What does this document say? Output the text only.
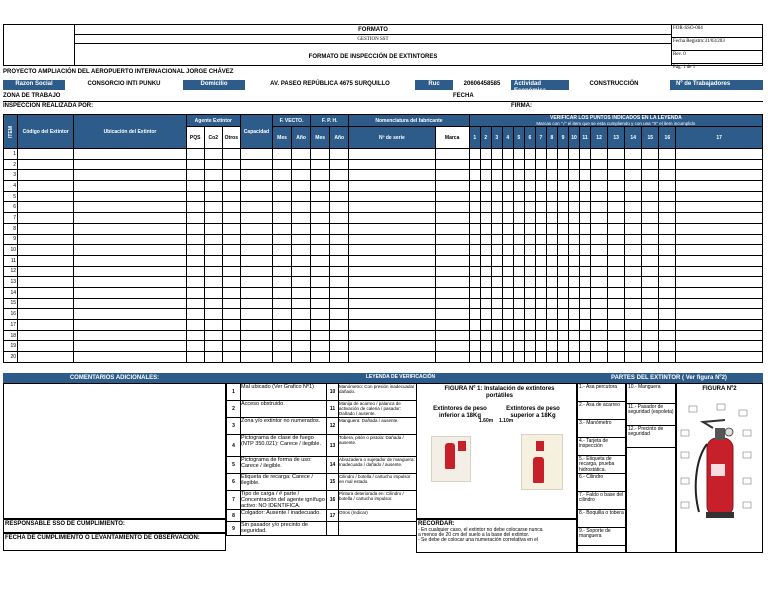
FORMATO
GESTION SST
FORMATO DE INSPECCIÓN DE EXTINTORES
FOR-SSO-004
Fecha Registro:31/03/203
Rev. 0
Pág. 1 de 1
PROYECTO AMPLIACIÓN DEL AEROPUERTO INTERNACIONAL JORGE CHÁVEZ
Razon Social	CONSORCIO INTI PUNKU	Domicilio	AV. PASEO REPÚBLICA 4675 SURQUILLO	Ruc	20606458585	Actividad Económica
CONSTRUCCIÓN	Nº de Trabajadores
ZONA DE TRABAJO	FECHA
INSPECCIÓN REALIZADA POR:	FIRMA:
ITEM	Código del Extintor	Ubicación del Extintor	Agente Extintor			Capacidad	F. VECTO.		F. P. H.		Nomenclatura del fabricante		VERIFICAR LOS PUNTOS INDICADOS EN LA LEYENDA
Marcas con "√" el item que se esta cumpliendo y con una "X" el item incumplido																

			PQS	Co2	Otros		Mes	Año	Mes	Año	Nº de serie	Marca	1	2	3	4	5	6	7	8	9	10	11	12	13	14	15	16	17

1																													
2																													
3																													
4																													
5																													
6																													
7																													
8																													
9																													
10																													
11																													
12																													
13																													
14																													
15																													
16																													
17																													
18																													
19																													
20																													
COMENTARIOS ADICIONALES:	LEYENDA DE VERIFICACIÓN	PARTES DEL EXTINTOR ( Ver figura Nº2)
RESPONSABLE SSO DE CUMPLIMIENTO:
FECHA DE CUMPLIMIENTO O LEVANTAMIENTO DE OBSERVACIÓN:
1	Mal ubicado (Ver Grafico Nº1)	10	Manómetro: Con presión inadecuada/ dañado.
2	Acceso obstruido.	11	Manija de acarreo / palanca de activación de caleria / pasador: Dañado / ausente.
3	Zona y/o extintor no numerados.	12	Manguera: Dañada / ausente.
4	Pictograma de clase de fuego (NTP 350.021): Carece / ilegible.	13	Tobera, pitón o pistola: Dañada / ausente.
5	Pictograma de forma de uso: Carece / ilegible.	14	Abrazadera o sujetador de manguera: Inadecuada / dañado / ausente.
6	Etiqueta de recarga: Carece / ilegible.	15	Cilindro / botella / cartucho impulsor en mal estado.
7	Tipo de carga / # parte / Concentración del agente ignífugo activo: NO IDENTIFICA.	16	Pintura deteriorada en: Cilindro / botella / cartucho impulsor.
8	Colgador: Ausente / inadecuado.	17	Otros (Indicar)
9	Sin pasador y/o precinto de seguridad.		
FIGURA Nº 1: Instalación de extintores portátiles
Extintores de peso inferior a 18Kg
1.60m
Extintores de peso superior a 18Kg
1.10m
RECORDAR:
- En cualquier caso, el extintor no debe colocarse nunca
a menos de 20 cm del suelo a la base del extintor.
- Se debe de colocar una numeración correlativa en el
1.- Asa percutora
2.- Asa de acarreo
3.- Manómetro
4.- Tarjeta de inspección
5.- Etiqueta de recarga, prueba hidrostática.
6.- Cilindro
7.- Faldo o base del cilindro
8.- Boquilla o tobera
9.- Soporte de manguera
10.- Manguera
11.- Pasador de seguridad (espoleta)
12.- Precinto de seguridad
FIGURA Nº2
